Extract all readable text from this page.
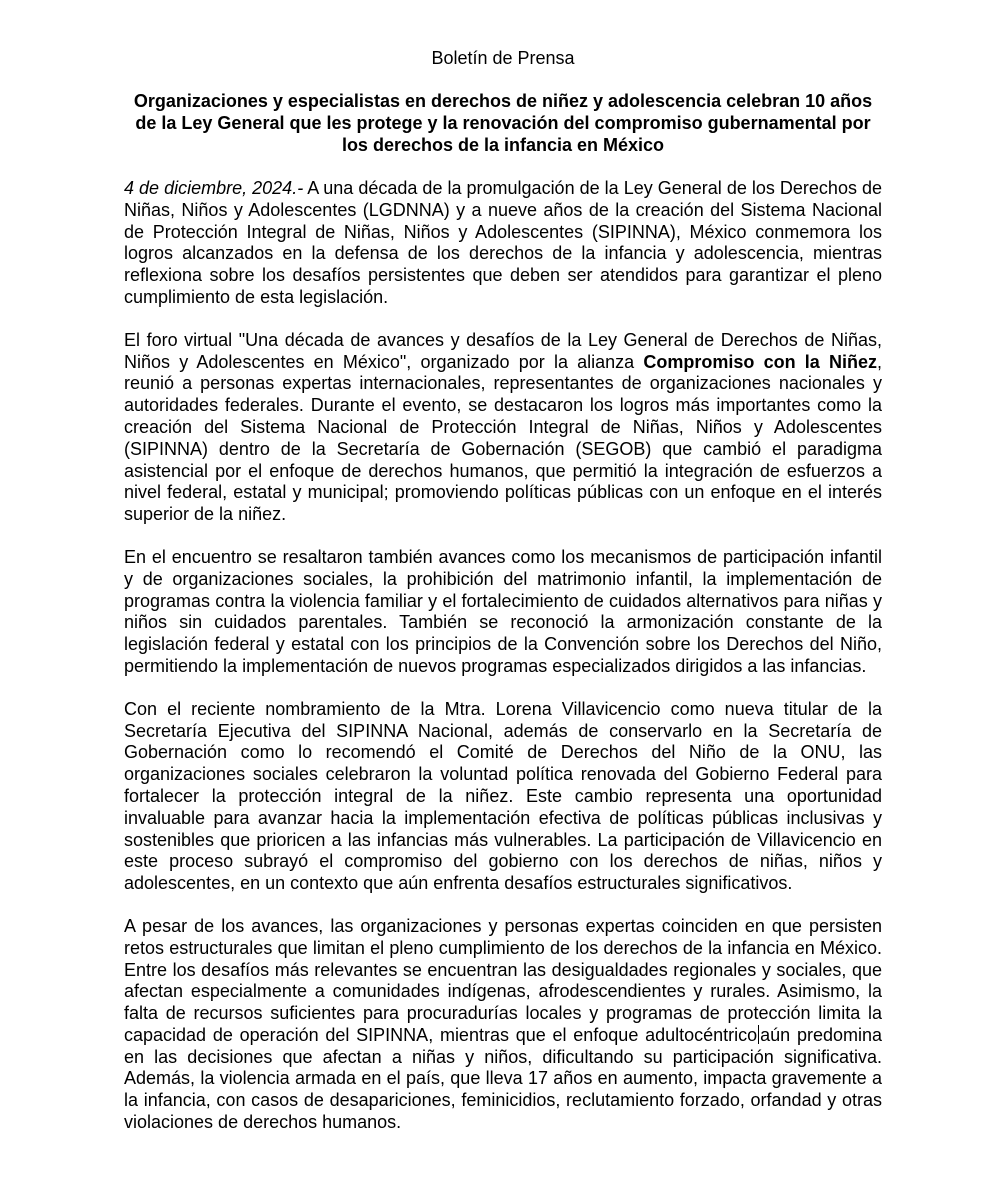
Boletín de Prensa
Organizaciones y especialistas en derechos de niñez y adolescencia celebran 10 años de la Ley General que les protege y la renovación del compromiso gubernamental por los derechos de la infancia en México

4 de diciembre, 2024.- A una década de la promulgación de la Ley General de los Derechos de Niñas, Niños y Adolescentes (LGDNNA) y a nueve años de la creación del Sistema Nacional de Protección Integral de Niñas, Niños y Adolescentes (SIPINNA), México conmemora los logros alcanzados en la defensa de los derechos de la infancia y adolescencia, mientras reflexiona sobre los desafíos persistentes que deben ser atendidos para garantizar el pleno cumplimiento de esta legislación.

El foro virtual "Una década de avances y desafíos de la Ley General de Derechos de Niñas, Niños y Adolescentes en México", organizado por la alianza Compromiso con la Niñez, reunió a personas expertas internacionales, representantes de organizaciones nacionales y autoridades federales. Durante el evento, se destacaron los logros más importantes como la creación del Sistema Nacional de Protección Integral de Niñas, Niños y Adolescentes (SIPINNA) dentro de la Secretaría de Gobernación (SEGOB) que cambió el paradigma asistencial por el enfoque de derechos humanos, que permitió la integración de esfuerzos a nivel federal, estatal y municipal; promoviendo políticas públicas con un enfoque en el interés superior de la niñez.

En el encuentro se resaltaron también avances como los mecanismos de participación infantil y de organizaciones sociales, la prohibición del matrimonio infantil, la implementación de programas contra la violencia familiar y el fortalecimiento de cuidados alternativos para niñas y niños sin cuidados parentales. También se reconoció la armonización constante de la legislación federal y estatal con los principios de la Convención sobre los Derechos del Niño, permitiendo la implementación de nuevos programas especializados dirigidos a las infancias.

Con el reciente nombramiento de la Mtra. Lorena Villavicencio como nueva titular de la Secretaría Ejecutiva del SIPINNA Nacional, además de conservarlo en la Secretaría de Gobernación como lo recomendó el Comité de Derechos del Niño de la ONU, las organizaciones sociales celebraron la voluntad política renovada del Gobierno Federal para fortalecer la protección integral de la niñez. Este cambio representa una oportunidad invaluable para avanzar hacia la implementación efectiva de políticas públicas inclusivas y sostenibles que prioricen a las infancias más vulnerables. La participación de Villavicencio en este proceso subrayó el compromiso del gobierno con los derechos de niñas, niños y adolescentes, en un contexto que aún enfrenta desafíos estructurales significativos.

A pesar de los avances, las organizaciones y personas expertas coinciden en que persisten retos estructurales que limitan el pleno cumplimiento de los derechos de la infancia en México. Entre los desafíos más relevantes se encuentran las desigualdades regionales y sociales, que afectan especialmente a comunidades indígenas, afrodescendientes y rurales. Asimismo, la falta de recursos suficientes para procuradurías locales y programas de protección limita la capacidad de operación del SIPINNA, mientras que el enfoque adultocéntrico aún predomina en las decisiones que afectan a niñas y niños, dificultando su participación significativa. Además, la violencia armada en el país, que lleva 17 años en aumento, impacta gravemente a la infancia, con casos de desapariciones, feminicidios, reclutamiento forzado, orfandad y otras violaciones de derechos humanos.
